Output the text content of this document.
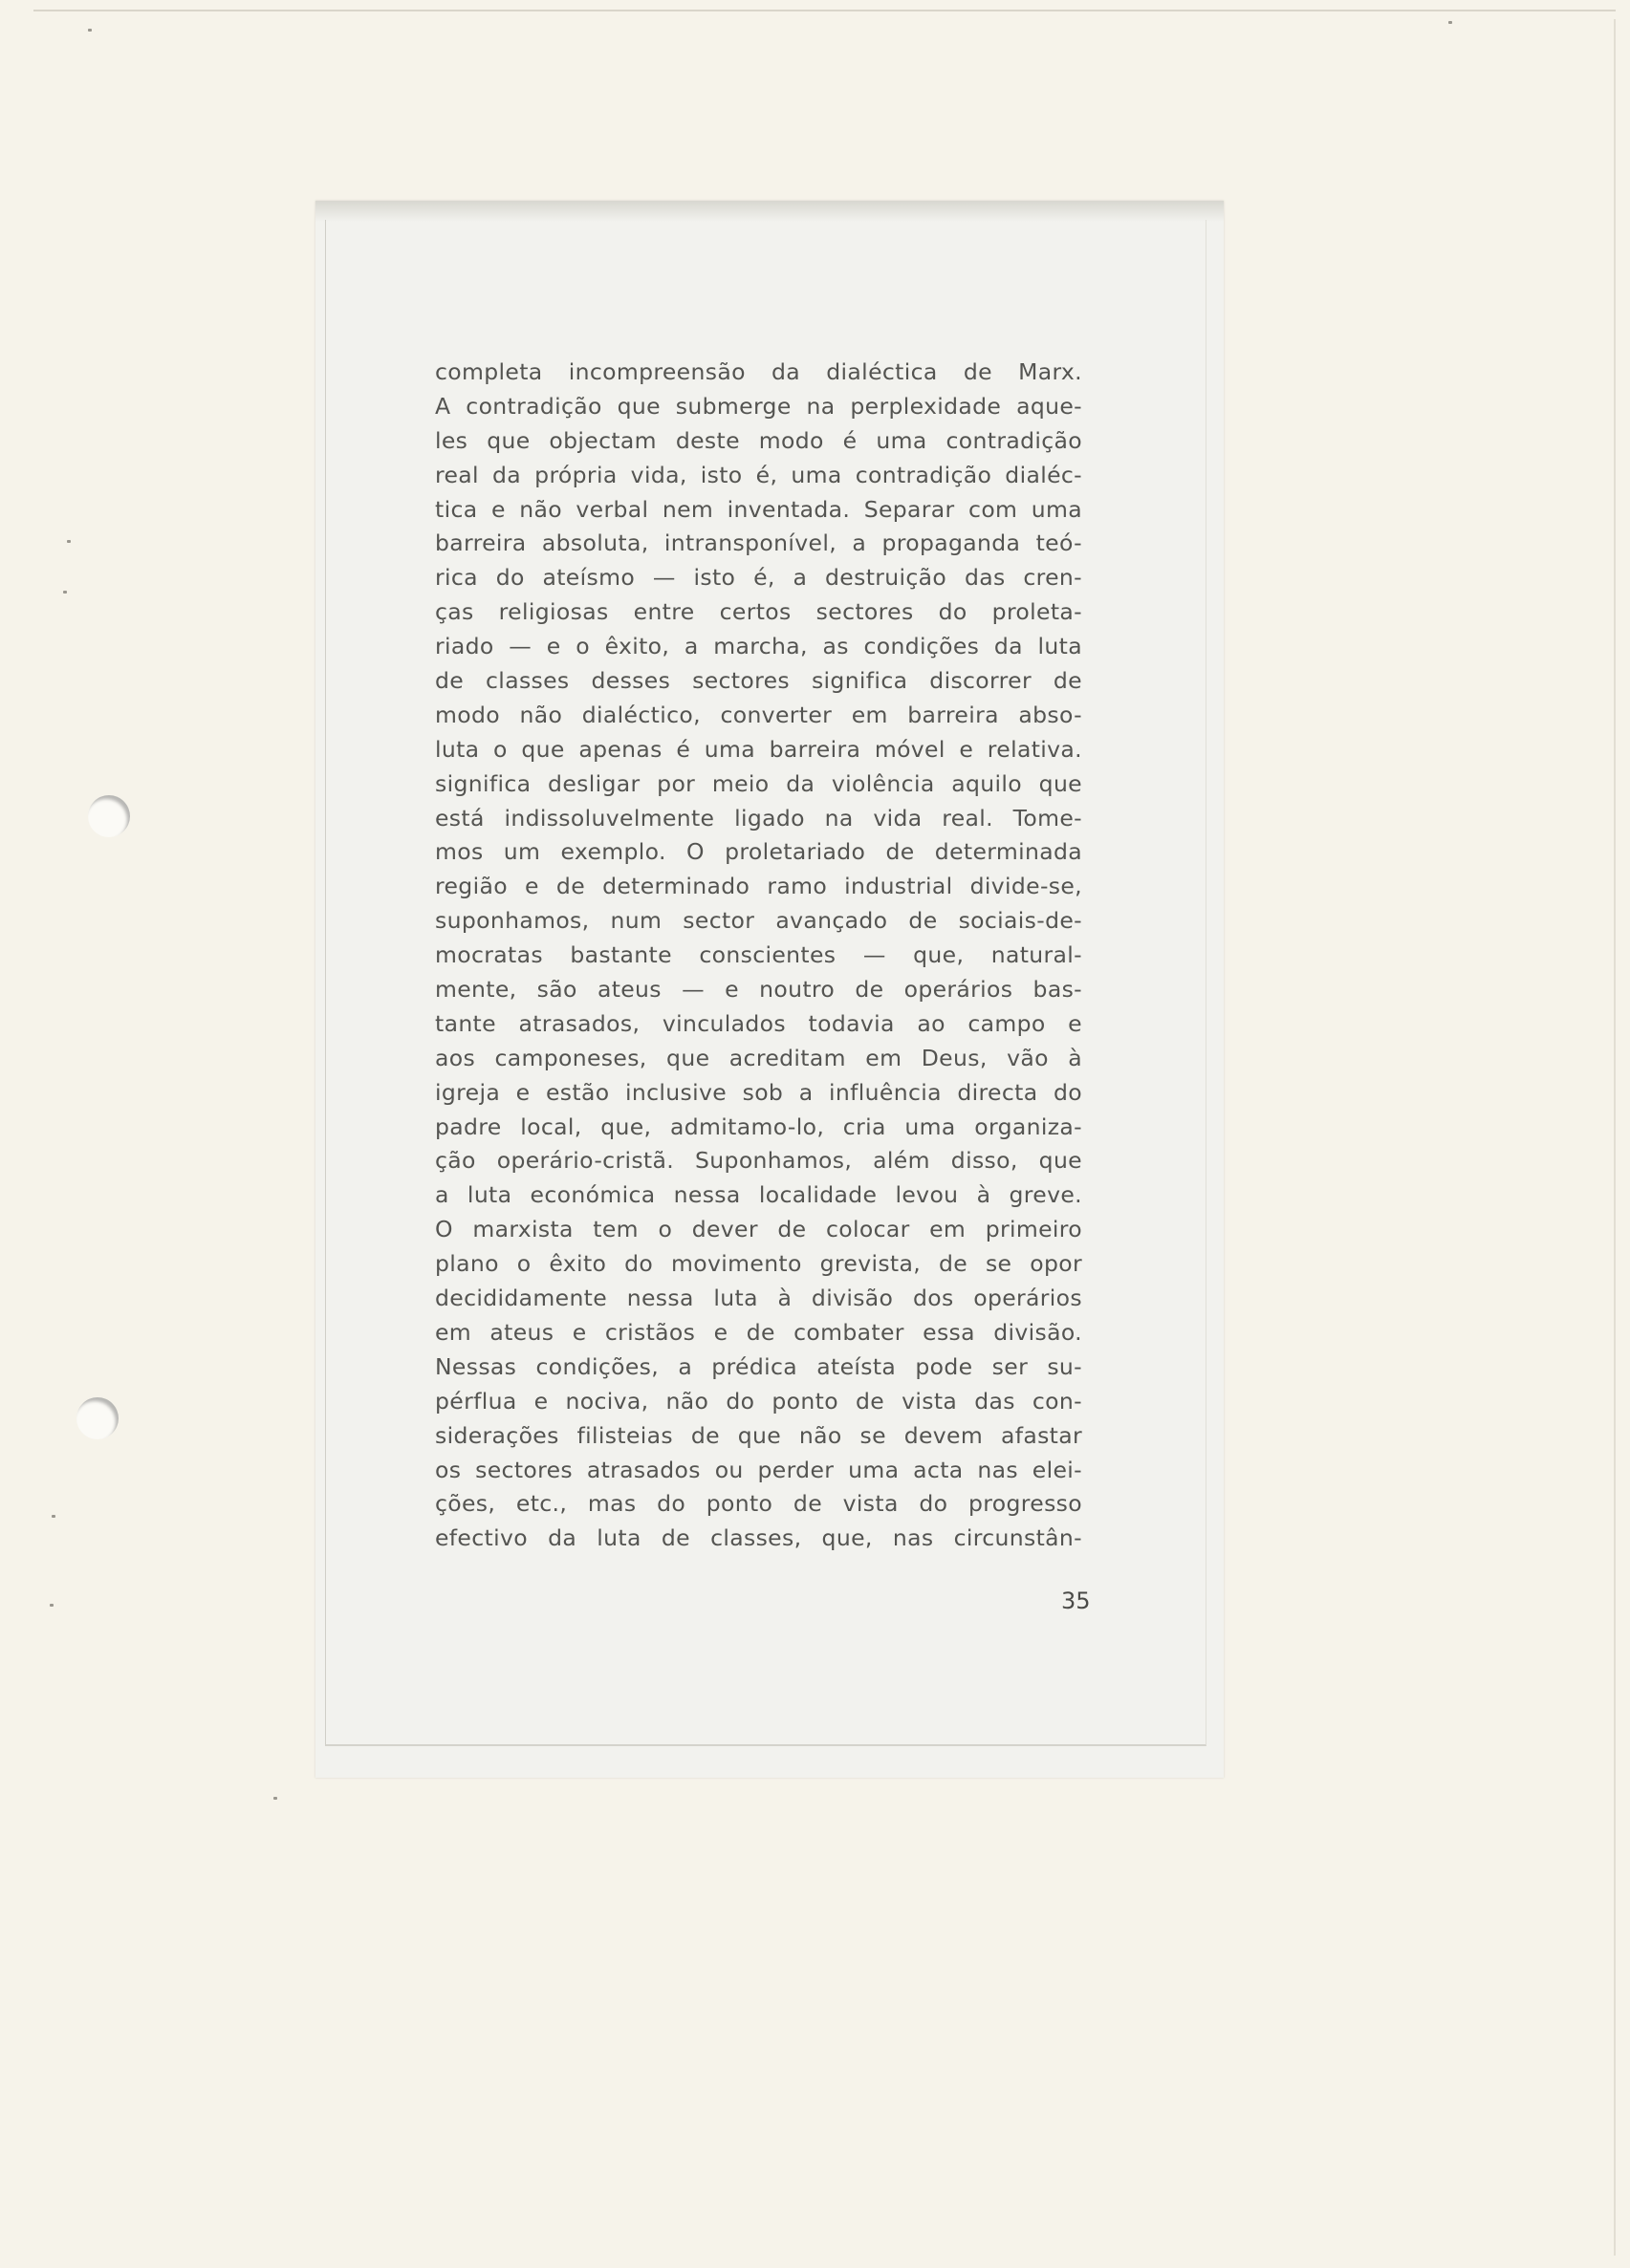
completa incompreensão da dialéctica de Marx.
A contradição que submerge na perplexidade aque-
les que objectam deste modo é uma contradição
real da própria vida, isto é, uma contradição dialéc-
tica e não verbal nem inventada. Separar com uma
barreira absoluta, intransponível, a propaganda teó-
rica do ateísmo — isto é, a destruição das cren-
ças religiosas entre certos sectores do proleta-
riado — e o êxito, a marcha, as condições da luta
de classes desses sectores significa discorrer de
modo não dialéctico, converter em barreira abso-
luta o que apenas é uma barreira móvel e relativa.
significa desligar por meio da violência aquilo que
está indissoluvelmente ligado na vida real. Tome-
mos um exemplo. O proletariado de determinada
região e de determinado ramo industrial divide-se,
suponhamos, num sector avançado de sociais-de-
mocratas bastante conscientes — que, natural-
mente, são ateus — e noutro de operários bas-
tante atrasados, vinculados todavia ao campo e
aos camponeses, que acreditam em Deus, vão à
igreja e estão inclusive sob a influência directa do
padre local, que, admitamo-lo, cria uma organiza-
ção operário-cristã. Suponhamos, além disso, que
a luta económica nessa localidade levou à greve.
O marxista tem o dever de colocar em primeiro
plano o êxito do movimento grevista, de se opor
decididamente nessa luta à divisão dos operários
em ateus e cristãos e de combater essa divisão.
Nessas condições, a prédica ateísta pode ser su-
pérflua e nociva, não do ponto de vista das con-
siderações filisteias de que não se devem afastar
os sectores atrasados ou perder uma acta nas elei-
ções, etc., mas do ponto de vista do progresso
efectivo da luta de classes, que, nas circunstân-
35
